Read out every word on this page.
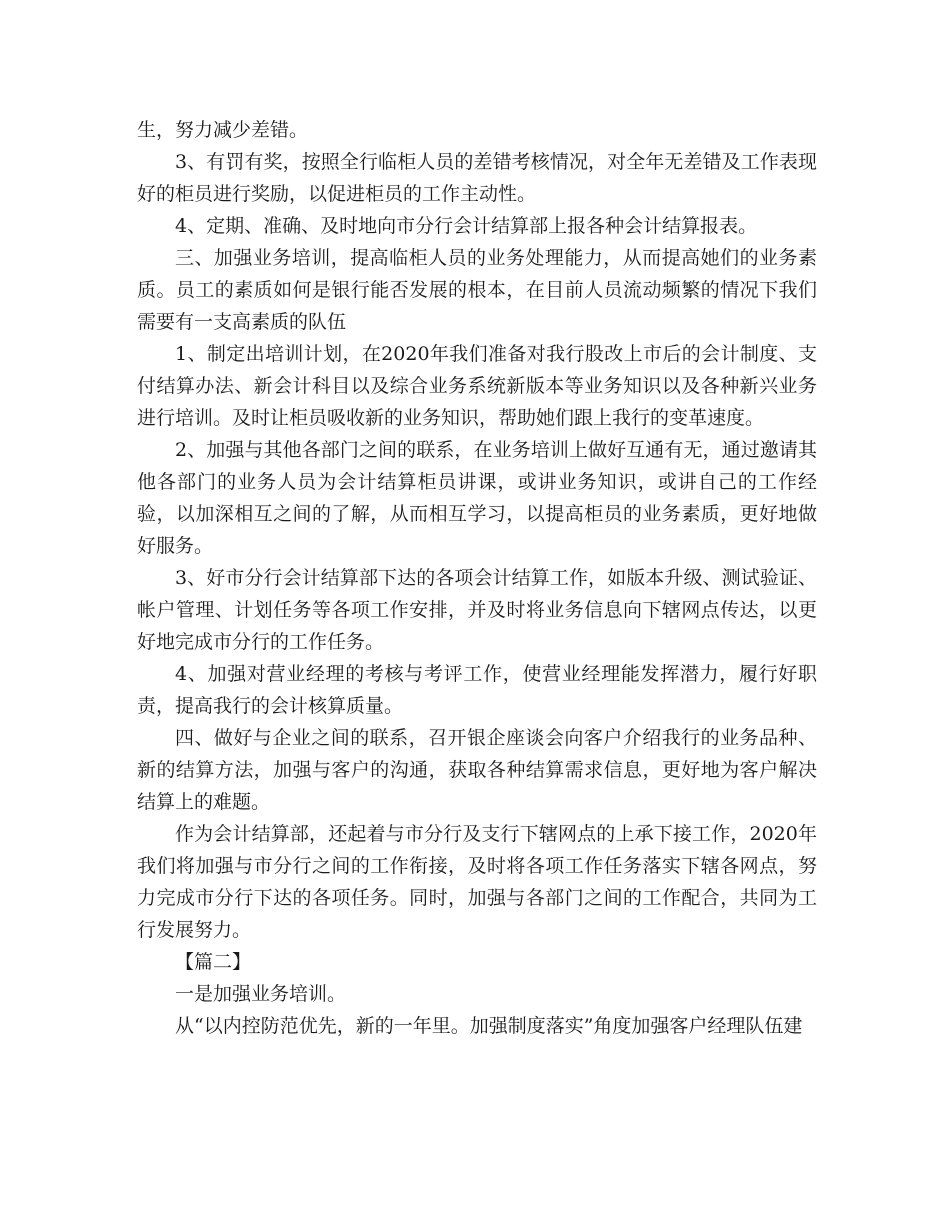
生，努力减少差错。

3、有罚有奖，按照全行临柜人员的差错考核情况，对全年无差错及工作表现好的柜员进行奖励，以促进柜员的工作主动性。

4、定期、准确、及时地向市分行会计结算部上报各种会计结算报表。

三、加强业务培训，提高临柜人员的业务处理能力，从而提高她们的业务素质。员工的素质如何是银行能否发展的根本，在目前人员流动频繁的情况下我们需要有一支高素质的队伍

1、制定出培训计划，在2020年我们准备对我行股改上市后的会计制度、支付结算办法、新会计科目以及综合业务系统新版本等业务知识以及各种新兴业务进行培训。及时让柜员吸收新的业务知识，帮助她们跟上我行的变革速度。

2、加强与其他各部门之间的联系，在业务培训上做好互通有无，通过邀请其他各部门的业务人员为会计结算柜员讲课，或讲业务知识，或讲自己的工作经验，以加深相互之间的了解，从而相互学习，以提高柜员的业务素质，更好地做好服务。

3、好市分行会计结算部下达的各项会计结算工作，如版本升级、测试验证、帐户管理、计划任务等各项工作安排，并及时将业务信息向下辖网点传达，以更好地完成市分行的工作任务。

4、加强对营业经理的考核与考评工作，使营业经理能发挥潜力，履行好职责，提高我行的会计核算质量。

四、做好与企业之间的联系，召开银企座谈会向客户介绍我行的业务品种、新的结算方法，加强与客户的沟通，获取各种结算需求信息，更好地为客户解决结算上的难题。

作为会计结算部，还起着与市分行及支行下辖网点的上承下接工作，2020年我们将加强与市分行之间的工作衔接，及时将各项工作任务落实下辖各网点，努力完成市分行下达的各项任务。同时，加强与各部门之间的工作配合，共同为工行发展努力。

【篇二】

一是加强业务培训。

从“以内控防范优先，新的一年里。加强制度落实”角度加强客户经理队伍建
